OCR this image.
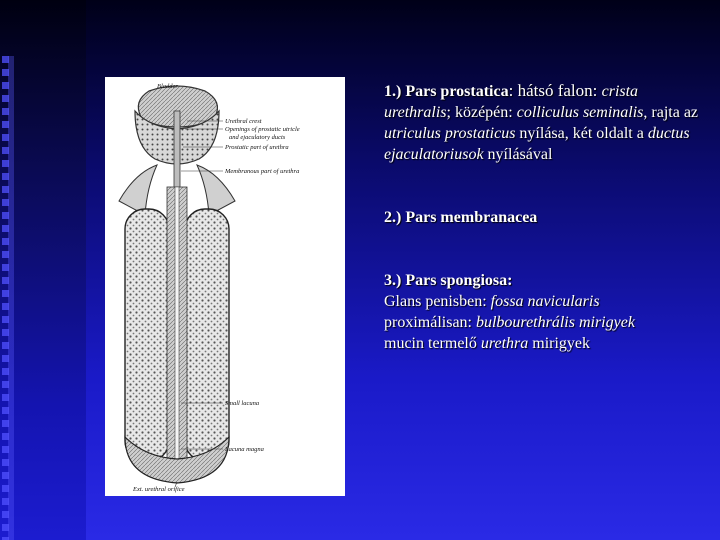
Bladder
Urethral crest
Openings of prostatic utricle
and ejaculatory ducts
Prostatic part of urethra
Membranous part of urethra
Small lacuna
Lacuna magna
Ext. urethral orifice

1.) Pars prostatica: hátsó falon: crista urethralis; középén: colliculus seminalis, rajta az utriculus prostaticus nyílása, két oldalt a ductus ejaculatoriusok nyílásával

2.) Pars membranacea

3.) Pars spongiosa:

Glans penisben: fossa navicularis

proximálisan: bulbourethrális mirigyek

mucin termelő urethra mirigyek
